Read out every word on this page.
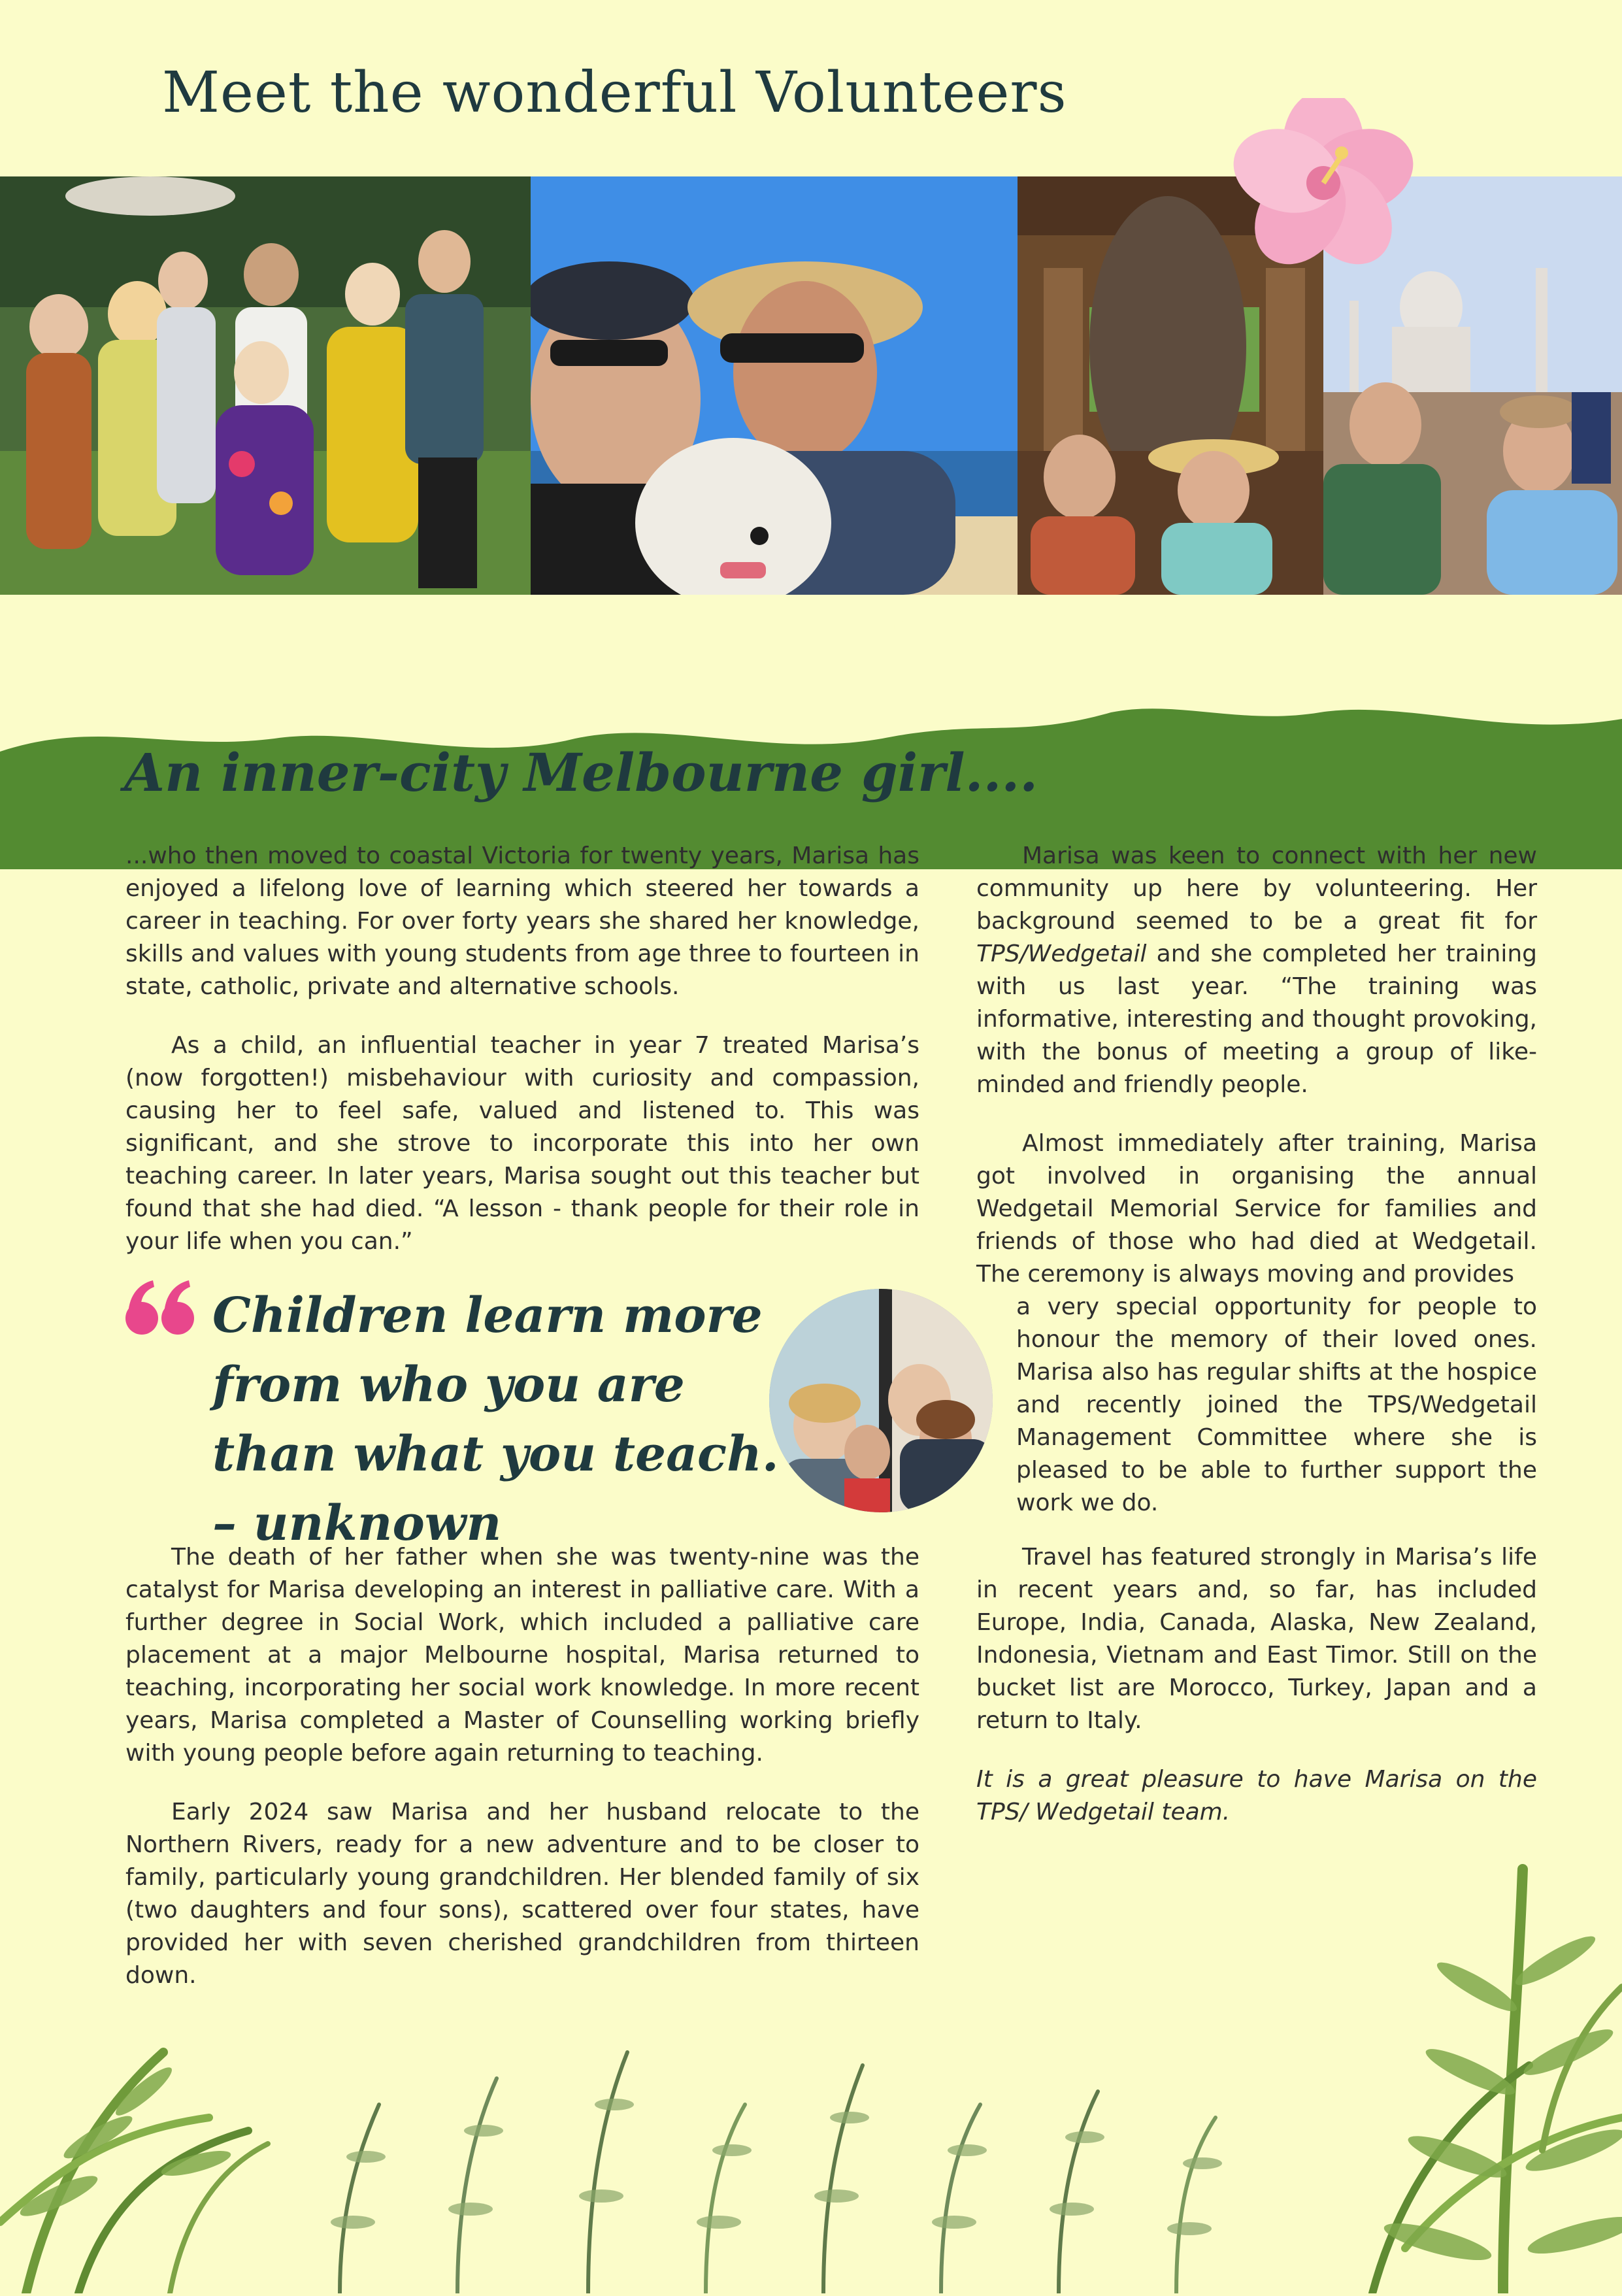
Meet the wonderful Volunteers

~ Marisa Bettiol

An inner-city Melbourne girl....

...who then moved to coastal Victoria for twenty years, Marisa has enjoyed a lifelong love of learning which steered her towards a career in teaching. For over forty years she shared her knowledge, skills and values with young students from age three to fourteen in state, catholic, private and alternative schools.

As a child, an influential teacher in year 7 treated Marisa’s (now forgotten!) misbehaviour with curiosity and compassion, causing her to feel safe, valued and listened to. This was significant, and she strove to incorporate this into her own teaching career. In later years, Marisa sought out this teacher but found that she had died. “A lesson - thank people for their role in your life when you can.”

Children learn more from who you are than what you teach. – unknown

The death of her father when she was twenty-nine was the catalyst for Marisa developing an interest in palliative care. With a further degree in Social Work, which included a palliative care placement at a major Melbourne hospital, Marisa returned to teaching, incorporating her social work knowledge. In more recent years, Marisa completed a Master of Counselling working briefly with young people before again returning to teaching.

Early 2024 saw Marisa and her husband relocate to the Northern Rivers, ready for a new adventure and to be closer to family, particularly young grandchildren. Her blended family of six (two daughters and four sons), scattered over four states, have provided her with seven cherished grandchildren from thirteen down.

Marisa was keen to connect with her new community up here by volunteering. Her background seemed to be a great fit for TPS/Wedgetail and she completed her training with us last year. “The training was informative, interesting and thought provoking, with the bonus of meeting a group of like-minded and friendly people.

Almost immediately after training, Marisa got involved in organising the annual Wedgetail Memorial Service for families and friends of those who had died at Wedgetail. The ceremony is always moving and provides

a very special opportunity for people to honour the memory of their loved ones. Marisa also has regular shifts at the hospice and recently joined the TPS/Wedgetail Management Committee where she is pleased to be able to further support the work we do.

Travel has featured strongly in Marisa’s life in recent years and, so far, has included Europe, India, Canada, Alaska, New Zealand, Indonesia, Vietnam and East Timor. Still on the bucket list are Morocco, Turkey, Japan and a return to Italy.

It is a great pleasure to have Marisa on the TPS/ Wedgetail team.

5
